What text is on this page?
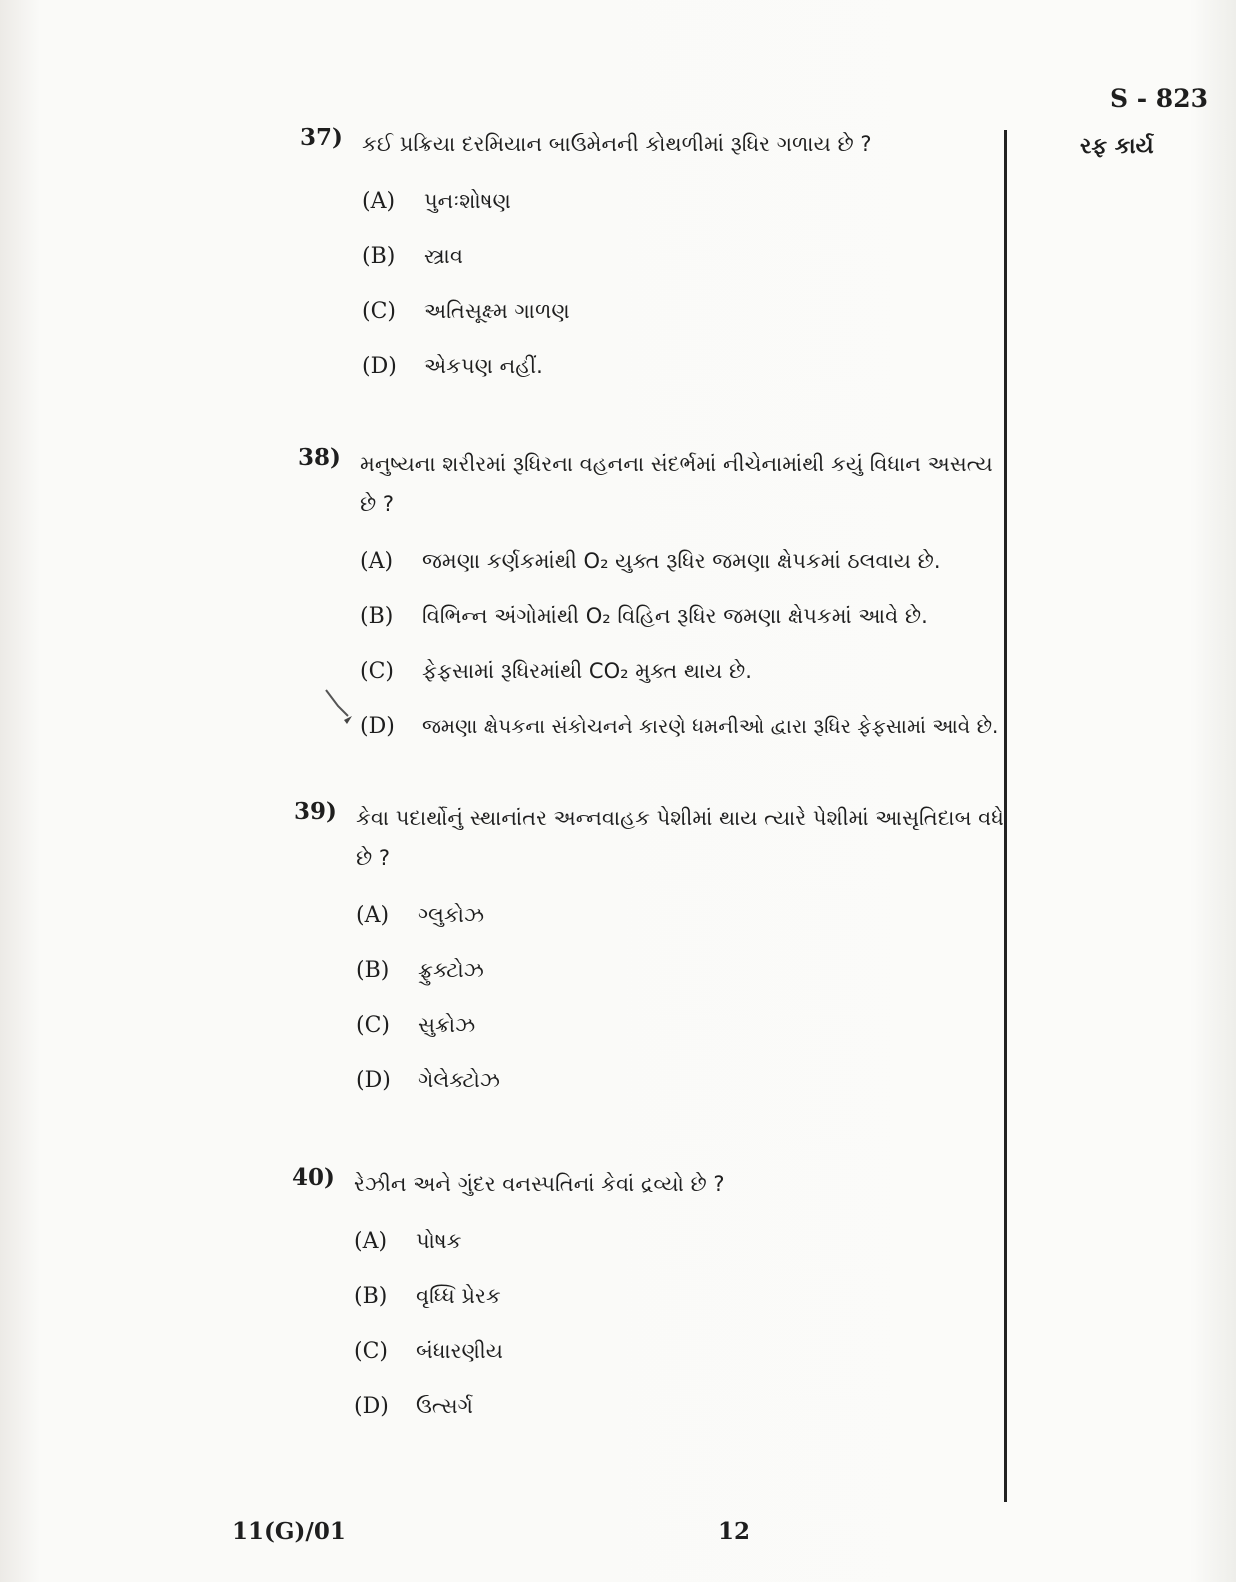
S - 823
રફ કાર્ય
37) કઈ પ્રક્રિયા દરમિયાન બાઉમેનની કોથળીમાં રૂધિર ગળાય છે ?
(A) પુનઃશોષણ
(B) સ્ત્રાવ
(C) અતિસૂક્ષ્મ ગાળણ
(D) એકપણ નહીં.
38) મનુષ્યના શરીરમાં રૂધિરના વહનના સંદર્ભમાં નીચેનામાંથી કયું વિધાન અસત્ય છે ?
(A) જમણા કર્ણકમાંથી O₂ યુક્ત રૂધિર જમણા ક્ષેપકમાં ઠલવાય છે.
(B) વિભિન્ન અંગોમાંથી O₂ વિહિન રૂધિર જમણા ક્ષેપકમાં આવે છે.
(C) ફેફસામાં રૂધિરમાંથી CO₂ મુક્ત થાય છે.
(D) જમણા ક્ષેપકના સંકોચનને કારણે ધમનીઓ દ્વારા રૂધિર ફેફસામાં આવે છે.
39) કેવા પદાર્થોનું સ્થાનાંતર અન્નવાહક પેશીમાં થાય ત્યારે પેશીમાં આસૃતિદાબ વધે છે ?
(A) ગ્લુકોઝ
(B) ફ્રુક્ટોઝ
(C) સુક્રોઝ
(D) ગેલેક્ટોઝ
40) રેઝીન અને ગુંદર વનસ્પતિનાં કેવાં દ્રવ્યો છે ?
(A) પોષક
(B) વૃધ્ધિ પ્રેરક
(C) બંધારણીય
(D) ઉત્સર્ગ
11(G)/01	12
